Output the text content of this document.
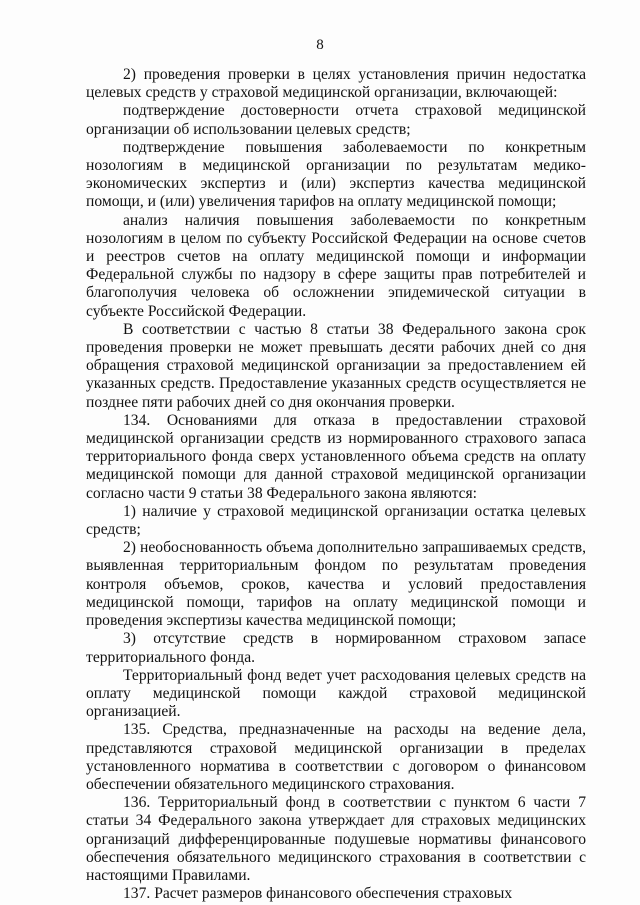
8

2) проведения проверки в целях установления причин недостатка целевых средств у страховой медицинской организации, включающей:

подтверждение достоверности отчета страховой медицинской организации об использовании целевых средств;

подтверждение повышения заболеваемости по конкретным нозологиям в медицинской организации по результатам медико-экономических экспертиз и (или) экспертиз качества медицинской помощи, и (или) увеличения тарифов на оплату медицинской помощи;

анализ наличия повышения заболеваемости по конкретным нозологиям в целом по субъекту Российской Федерации на основе счетов и реестров счетов на оплату медицинской помощи и информации Федеральной службы по надзору в сфере защиты прав потребителей и благополучия человека об осложнении эпидемической ситуации в субъекте Российской Федерации.

В соответствии с частью 8 статьи 38 Федерального закона срок проведения проверки не может превышать десяти рабочих дней со дня обращения страховой медицинской организации за предоставлением ей указанных средств. Предоставление указанных средств осуществляется не позднее пяти рабочих дней со дня окончания проверки.

134. Основаниями для отказа в предоставлении страховой медицинской организации средств из нормированного страхового запаса территориального фонда сверх установленного объема средств на оплату медицинской помощи для данной страховой медицинской организации согласно части 9 статьи 38 Федерального закона являются:

1) наличие у страховой медицинской организации остатка целевых средств;

2) необоснованность объема дополнительно запрашиваемых средств, выявленная территориальным фондом по результатам проведения контроля объемов, сроков, качества и условий предоставления медицинской помощи, тарифов на оплату медицинской помощи и проведения экспертизы качества медицинской помощи;

3) отсутствие средств в нормированном страховом запасе территориального фонда.

Территориальный фонд ведет учет расходования целевых средств на оплату медицинской помощи каждой страховой медицинской организацией.

135. Средства, предназначенные на расходы на ведение дела, представляются страховой медицинской организации в пределах установленного норматива в соответствии с договором о финансовом обеспечении обязательного медицинского страхования.

136. Территориальный фонд в соответствии с пунктом 6 части 7 статьи 34 Федерального закона утверждает для страховых медицинских организаций дифференцированные подушевые нормативы финансового обеспечения обязательного медицинского страхования в соответствии с настоящими Правилами.

137. Расчет размеров финансового обеспечения страховых
